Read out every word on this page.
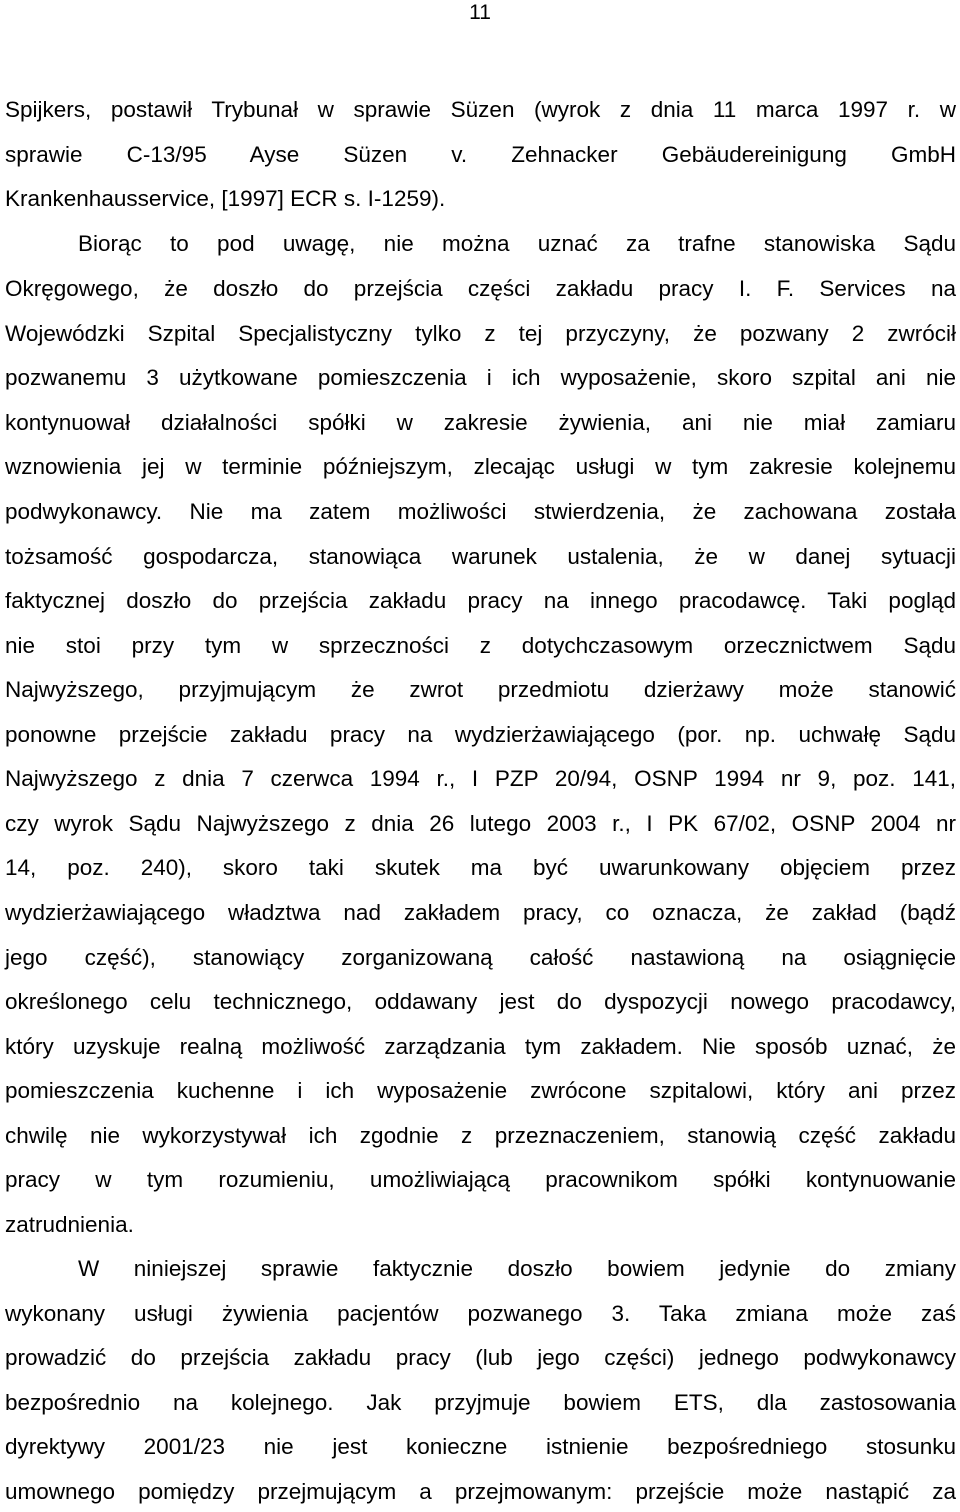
11
Spijkers, postawił Trybunał w sprawie Süzen (wyrok z dnia 11 marca 1997 r. w
sprawie C-13/95 Ayse Süzen v. Zehnacker Gebäudereinigung GmbH
Krankenhausservice, [1997] ECR s. I-1259).
Biorąc to pod uwagę, nie można uznać za trafne stanowiska Sądu
Okręgowego, że doszło do przejścia części zakładu pracy I. F. Services na
Wojewódzki Szpital Specjalistyczny tylko z tej przyczyny, że pozwany 2 zwrócił
pozwanemu 3 użytkowane pomieszczenia i ich wyposażenie, skoro szpital ani nie
kontynuował działalności spółki w zakresie żywienia, ani nie miał zamiaru
wznowienia jej w terminie późniejszym, zlecając usługi w tym zakresie kolejnemu
podwykonawcy. Nie ma zatem możliwości stwierdzenia, że zachowana została
tożsamość gospodarcza, stanowiąca warunek ustalenia, że w danej sytuacji
faktycznej doszło do przejścia zakładu pracy na innego pracodawcę. Taki pogląd
nie stoi przy tym w sprzeczności z dotychczasowym orzecznictwem Sądu
Najwyższego, przyjmującym że zwrot przedmiotu dzierżawy może stanowić
ponowne przejście zakładu pracy na wydzierżawiającego (por. np. uchwałę Sądu
Najwyższego z dnia 7 czerwca 1994 r., I PZP 20/94, OSNP 1994 nr 9, poz. 141,
czy wyrok Sądu Najwyższego z dnia 26 lutego 2003 r., I PK 67/02, OSNP 2004 nr
14, poz. 240), skoro taki skutek ma być uwarunkowany objęciem przez
wydzierżawiającego władztwa nad zakładem pracy, co oznacza, że zakład (bądź
jego część), stanowiący zorganizowaną całość nastawioną na osiągnięcie
określonego celu technicznego, oddawany jest do dyspozycji nowego pracodawcy,
który uzyskuje realną możliwość zarządzania tym zakładem. Nie sposób uznać, że
pomieszczenia kuchenne i ich wyposażenie zwrócone szpitalowi, który ani przez
chwilę nie wykorzystywał ich zgodnie z przeznaczeniem, stanowią część zakładu
pracy w tym rozumieniu, umożliwiającą pracownikom spółki kontynuowanie
zatrudnienia.
W niniejszej sprawie faktycznie doszło bowiem jedynie do zmiany
wykonany usługi żywienia pacjentów pozwanego 3. Taka zmiana może zaś
prowadzić do przejścia zakładu pracy (lub jego części) jednego podwykonawcy
bezpośrednio na kolejnego. Jak przyjmuje bowiem ETS, dla zastosowania
dyrektywy 2001/23 nie jest konieczne istnienie bezpośredniego stosunku
umownego pomiędzy przejmującym a przejmowanym: przejście może nastąpić za
